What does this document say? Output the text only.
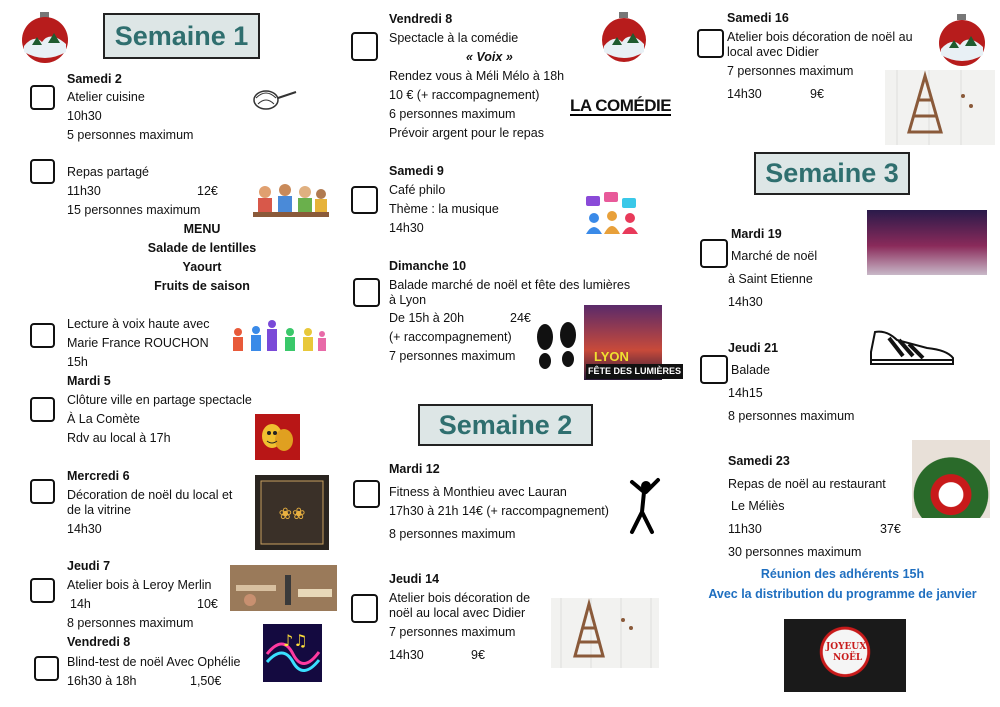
Semaine 1
Semaine 2
Semaine 3
Samedi 2
Atelier cuisine
10h30
5 personnes maximum
Repas partagé
11h30	12€
15 personnes maximum
MENU
Salade de lentilles
Yaourt
Fruits de saison
Lecture à voix haute avec
Marie France ROUCHON
15h
Mardi 5
Clôture ville en partage spectacle
À La Comète
Rdv au local à 17h
Mercredi 6
Décoration de noël du local et
de la vitrine
14h30
❀❀
Jeudi 7
Atelier bois à Leroy Merlin
14h	10€
8 personnes maximum
Vendredi 8
Blind-test de noël Avec Ophélie
16h30 à 18h	1,50€
♪♫
Vendredi 8
Spectacle à la comédie
« Voix »
Rendez vous à Méli Mélo à 18h
10 € (+ raccompagnement)
6 personnes maximum
Prévoir argent pour le repas
LA COMÉDIE
Samedi 9
Café philo
Thème : la musique
14h30
Dimanche 10
Balade marché de noël et fête des lumières
à Lyon
De 15h à 20h	24€
(+ raccompagnement)
7 personnes maximum	LYON
FÊTE DES LUMIÈRES
Mardi 12
Fitness à Monthieu avec Lauran
17h30 à 21h 14€ (+ raccompagnement)
8 personnes maximum
Jeudi 14
Atelier bois décoration de
noël au local avec Didier
7 personnes maximum
14h30	9€
Samedi 16
Atelier bois décoration de noël au
local avec Didier
7 personnes maximum
14h30	9€
Mardi 19
Marché de noël
à Saint Etienne
14h30
Jeudi 21
Balade
14h15
8 personnes maximum
Samedi 23
Repas de noël au restaurant
Le Méliès
11h30	37€
30 personnes maximum
Réunion des adhérents 15h
Avec la distribution du programme de janvier
JOYEUX
NOËL
